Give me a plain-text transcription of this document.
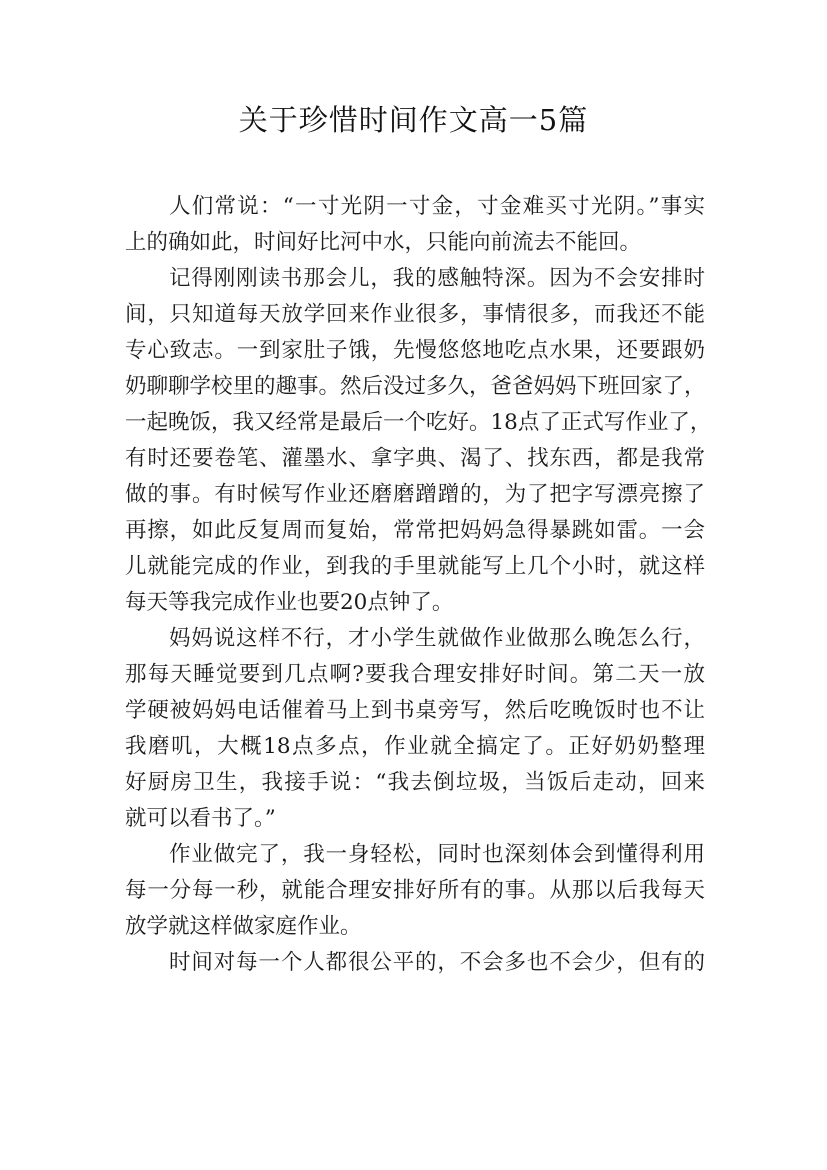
关于珍惜时间作文高一5篇
人们常说：“一寸光阴一寸金，寸金难买寸光阴。”事实
上的确如此，时间好比河中水，只能向前流去不能回。
记得刚刚读书那会儿，我的感触特深。因为不会安排时
间，只知道每天放学回来作业很多，事情很多，而我还不能
专心致志。一到家肚子饿，先慢悠悠地吃点水果，还要跟奶
奶聊聊学校里的趣事。然后没过多久，爸爸妈妈下班回家了，
一起晚饭，我又经常是最后一个吃好。18点了正式写作业了，
有时还要卷笔、灌墨水、拿字典、渴了、找东西，都是我常
做的事。有时候写作业还磨磨蹭蹭的，为了把字写漂亮擦了
再擦，如此反复周而复始，常常把妈妈急得暴跳如雷。一会
儿就能完成的作业，到我的手里就能写上几个小时，就这样
每天等我完成作业也要20点钟了。
妈妈说这样不行，才小学生就做作业做那么晚怎么行，
那每天睡觉要到几点啊?要我合理安排好时间。第二天一放
学硬被妈妈电话催着马上到书桌旁写，然后吃晚饭时也不让
我磨叽，大概18点多点，作业就全搞定了。正好奶奶整理
好厨房卫生，我接手说：“我去倒垃圾，当饭后走动，回来
就可以看书了。”
作业做完了，我一身轻松，同时也深刻体会到懂得利用
每一分每一秒，就能合理安排好所有的事。从那以后我每天
放学就这样做家庭作业。
时间对每一个人都很公平的，不会多也不会少，但有的
